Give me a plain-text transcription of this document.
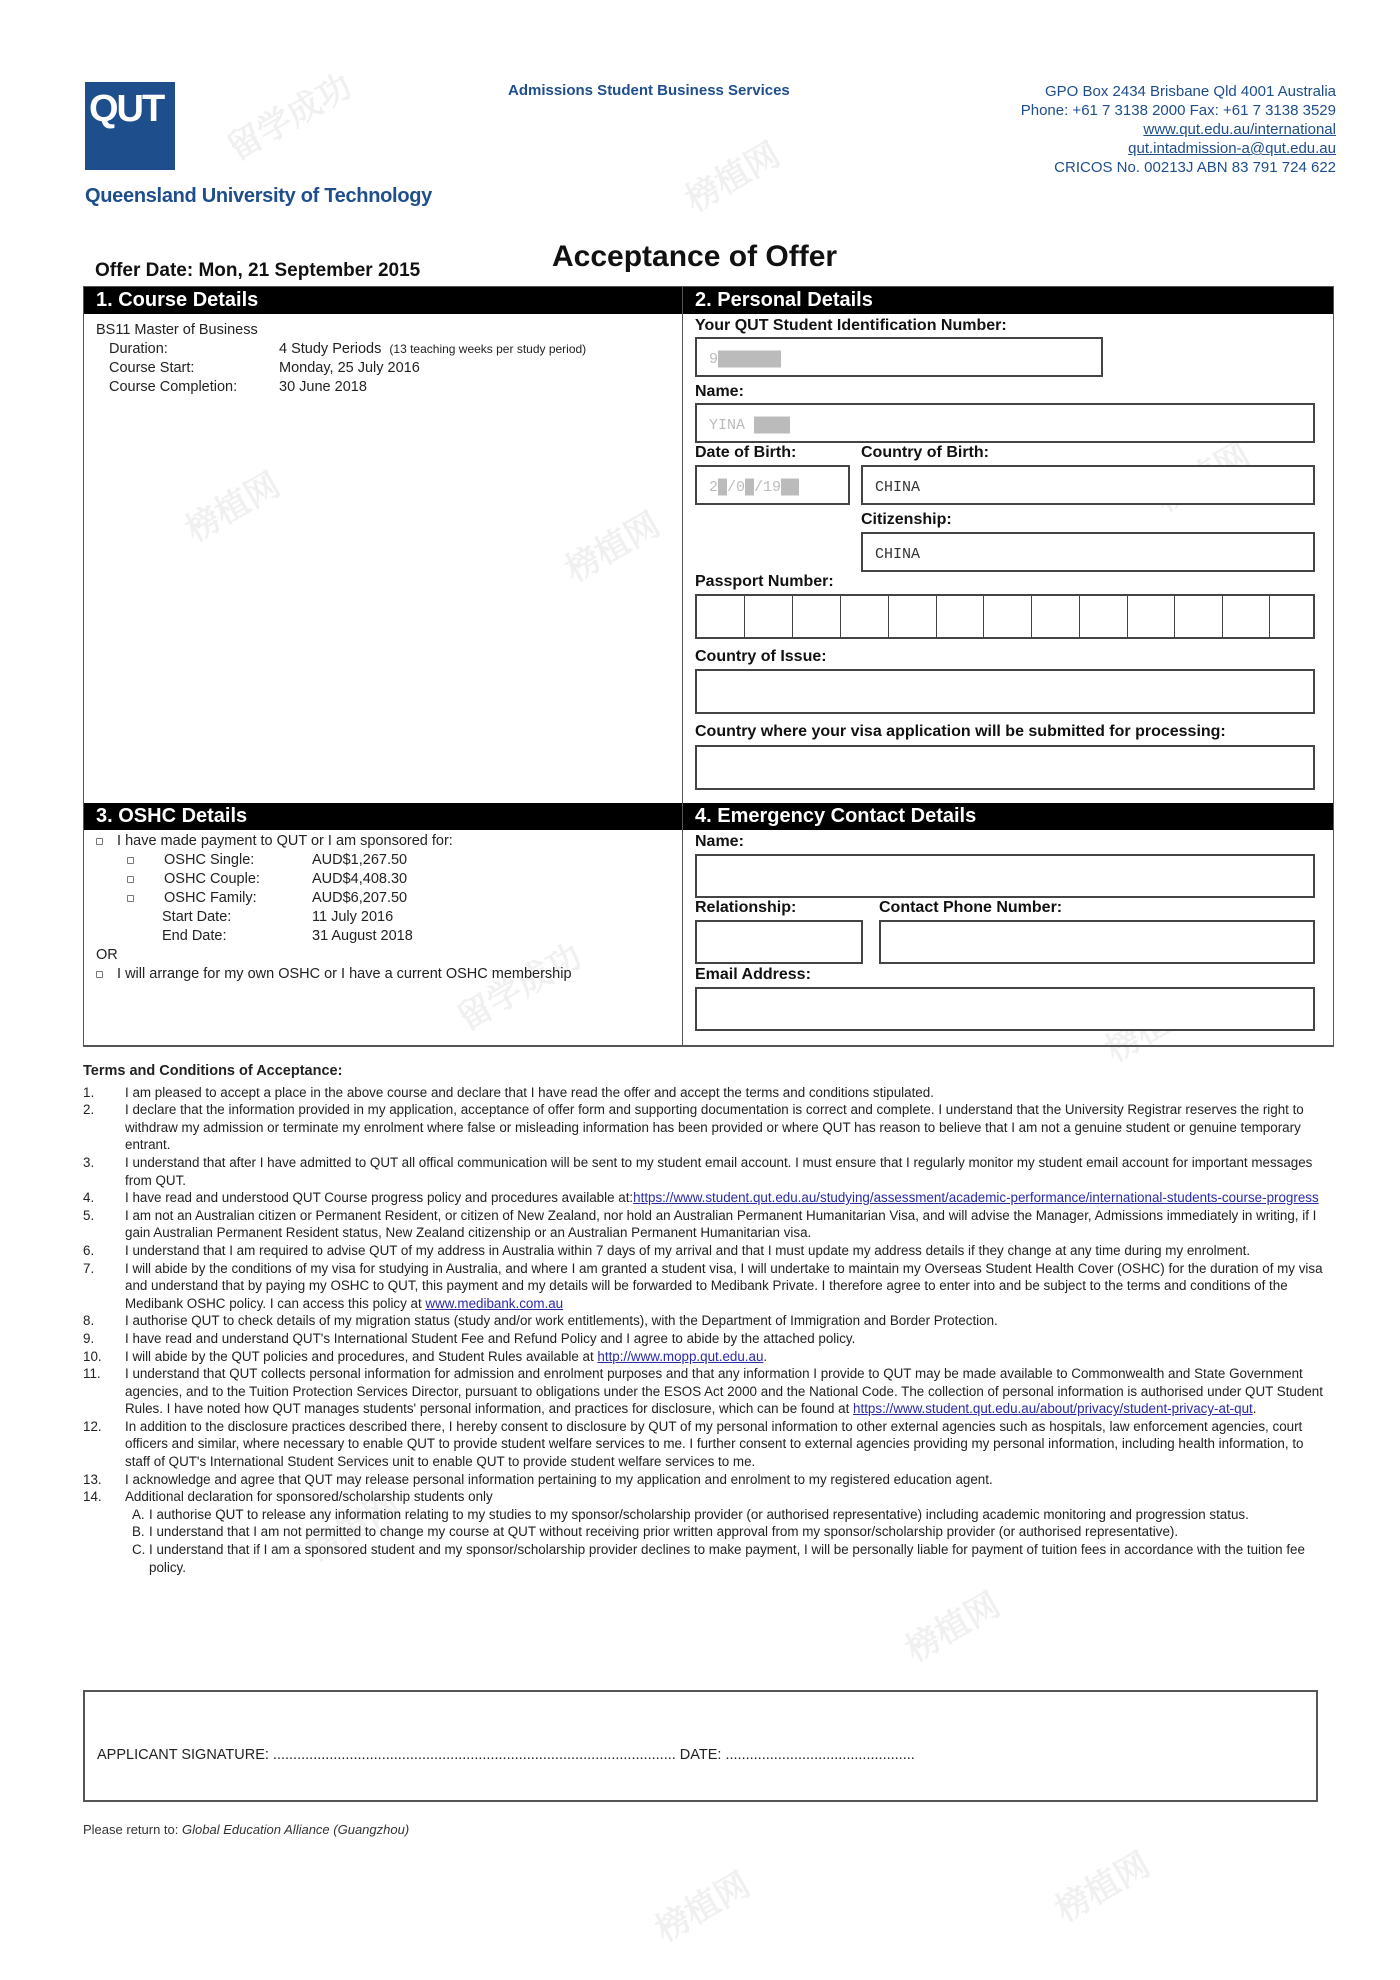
留学成功
榜植网
榜植网	榜植网
留学成功
榜植网
榜植网
榜植网	榜植网
QUT
Queensland University of Technology
Admissions Student Business Services	GPO Box 2434 Brisbane Qld 4001 Australia
Phone: +61 7 3138 2000 Fax: +61 7 3138 3529
www.qut.edu.au/international
qut.intadmission-a@qut.edu.au
CRICOS No. 00213J ABN 83 791 724 622
Offer Date: Mon, 21 September 2015	Acceptance of Offer
1. Course Details
BS11 Master of Business
Duration:	4 Study Periods (13 teaching weeks per study period)
Course Start:	Monday, 25 July 2016
Course Completion:	30 June 2018
2. Personal Details
Your QUT Student Identification Number:
9███████
Name:
YINA ████
Date of Birth:
2█/0█/19██
Country of Birth:
CHINA
Citizenship:
CHINA
Passport Number:
Country of Issue:
Country where your visa application will be submitted for processing:
3. OSHC Details
I have made payment to QUT or I am sponsored for:
OSHC Single:	AUD$1,267.50
OSHC Couple:	AUD$4,408.30
OSHC Family:	AUD$6,207.50
Start Date:	11 July 2016
End Date:	31 August 2018
OR
I will arrange for my own OSHC or I have a current OSHC membership
4. Emergency Contact Details
Name:
Relationship:	Contact Phone Number:
Email Address:
Terms and Conditions of Acceptance:
1.	I am pleased to accept a place in the above course and declare that I have read the offer and accept the terms and conditions stipulated.
2.	I declare that the information provided in my application, acceptance of offer form and supporting documentation is correct and complete. I understand that the University Registrar reserves the right to withdraw my admission or terminate my enrolment where false or misleading information has been provided or where QUT has reason to believe that I am not a genuine student or genuine temporary entrant.
3.	I understand that after I have admitted to QUT all offical communication will be sent to my student email account. I must ensure that I regularly monitor my student email account for important messages from QUT.
4.	I have read and understood QUT Course progress policy and procedures available at:https://www.student.qut.edu.au/studying/assessment/academic-performance/international-students-course-progress
5.	I am not an Australian citizen or Permanent Resident, or citizen of New Zealand, nor hold an Australian Permanent Humanitarian Visa, and will advise the Manager, Admissions immediately in writing, if I gain Australian Permanent Resident status, New Zealand citizenship or an Australian Permanent Humanitarian visa.
6.	I understand that I am required to advise QUT of my address in Australia within 7 days of my arrival and that I must update my address details if they change at any time during my enrolment.
7.	I will abide by the conditions of my visa for studying in Australia, and where I am granted a student visa, I will undertake to maintain my Overseas Student Health Cover (OSHC) for the duration of my visa and understand that by paying my OSHC to QUT, this payment and my details will be forwarded to Medibank Private. I therefore agree to enter into and be subject to the terms and conditions of the Medibank OSHC policy. I can access this policy at www.medibank.com.au
8.	I authorise QUT to check details of my migration status (study and/or work entitlements), with the Department of Immigration and Border Protection.
9.	I have read and understand QUT's International Student Fee and Refund Policy and I agree to abide by the attached policy.
10.	I will abide by the QUT policies and procedures, and Student Rules available at http://www.mopp.qut.edu.au.
11.	I understand that QUT collects personal information for admission and enrolment purposes and that any information I provide to QUT may be made available to Commonwealth and State Government agencies, and to the Tuition Protection Services Director, pursuant to obligations under the ESOS Act 2000 and the National Code. The collection of personal information is authorised under QUT Student Rules. I have noted how QUT manages students' personal information, and practices for disclosure, which can be found at https://www.student.qut.edu.au/about/privacy/student-privacy-at-qut.
12.	In addition to the disclosure practices described there, I hereby consent to disclosure by QUT of my personal information to other external agencies such as hospitals, law enforcement agencies, court officers and similar, where necessary to enable QUT to provide student welfare services to me. I further consent to external agencies providing my personal information, including health information, to staff of QUT's International Student Services unit to enable QUT to provide student welfare services to me.
13.	I acknowledge and agree that QUT may release personal information pertaining to my application and enrolment to my registered education agent.
14.	Additional declaration for sponsored/scholarship students only
A. I authorise QUT to release any information relating to my studies to my sponsor/scholarship provider (or authorised representative) including academic monitoring and progression status.
B. I understand that I am not permitted to change my course at QUT without receiving prior written approval from my sponsor/scholarship provider (or authorised representative).
C. I understand that if I am a sponsored student and my sponsor/scholarship provider declines to make payment, I will be personally liable for payment of tuition fees in accordance with the tuition fee policy.
APPLICANT SIGNATURE: .................................................................................................... DATE: ...............................................
Please return to: Global Education Alliance (Guangzhou)
